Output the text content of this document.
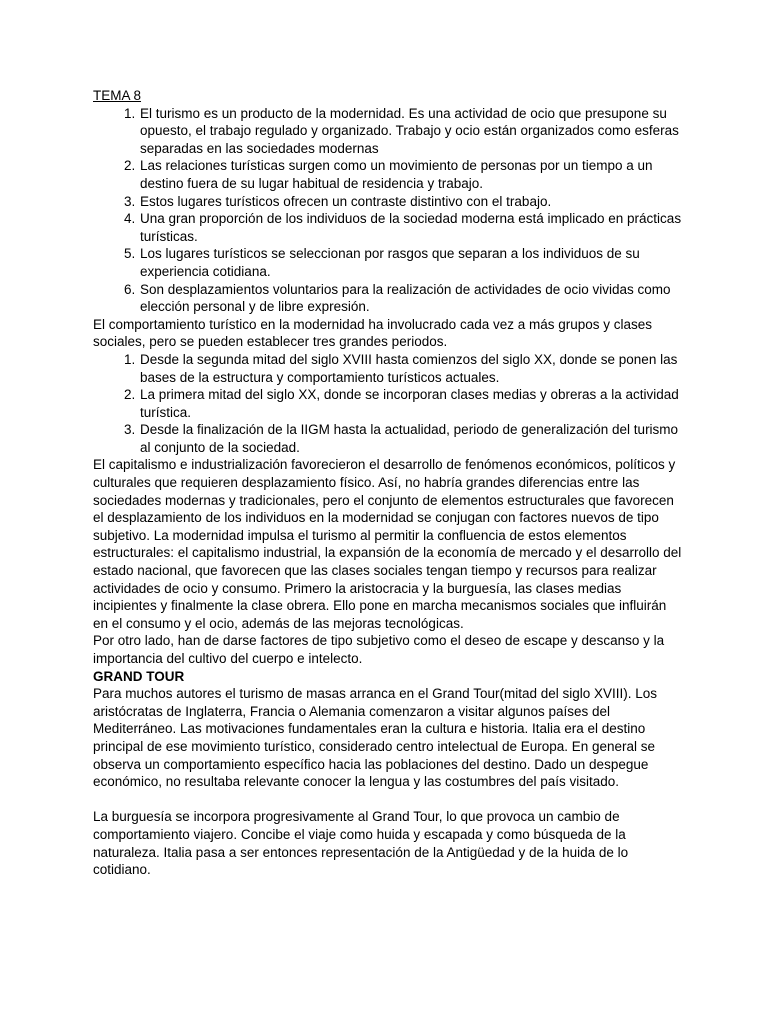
TEMA 8

1. El turismo es un producto de la modernidad. Es una actividad de ocio que presupone su opuesto, el trabajo regulado y organizado. Trabajo y ocio están organizados como esferas separadas en las sociedades modernas
2. Las relaciones turísticas surgen como un movimiento de personas por un tiempo a un destino fuera de su lugar habitual de residencia y trabajo.
3. Estos lugares turísticos ofrecen un contraste distintivo con el trabajo.
4. Una gran proporción de los individuos de la sociedad moderna está implicado en prácticas turísticas.
5. Los lugares turísticos se seleccionan por rasgos que separan a los individuos de su experiencia cotidiana.
6. Son desplazamientos voluntarios para la realización de actividades de ocio vividas como elección personal y de libre expresión.

El comportamiento turístico en la modernidad ha involucrado cada vez a más grupos y clases sociales, pero se pueden establecer tres grandes periodos.

1. Desde la segunda mitad del siglo XVIII hasta comienzos del siglo XX, donde se ponen las bases de la estructura y comportamiento turísticos actuales.
2. La primera mitad del siglo XX, donde se incorporan clases medias y obreras a la actividad turística.
3. Desde la finalización de la IIGM hasta la actualidad, periodo de generalización del turismo al conjunto de la sociedad.

El capitalismo e industrialización favorecieron el desarrollo de fenómenos económicos, políticos y culturales que requieren desplazamiento físico. Así, no habría grandes diferencias entre las sociedades modernas y tradicionales, pero el conjunto de elementos estructurales que favorecen el desplazamiento de los individuos en la modernidad se conjugan con factores nuevos de tipo subjetivo. La modernidad impulsa el turismo al permitir la confluencia de estos elementos estructurales: el capitalismo industrial, la expansión de la economía de mercado y el desarrollo del estado nacional, que favorecen que las clases sociales tengan tiempo y recursos para realizar actividades de ocio y consumo. Primero la aristocracia y la burguesía, las clases medias incipientes y finalmente la clase obrera. Ello pone en marcha mecanismos sociales que influirán en el consumo y el ocio, además de las mejoras tecnológicas.

Por otro lado, han de darse factores de tipo subjetivo como el deseo de escape y descanso y la importancia del cultivo del cuerpo e intelecto.

GRAND TOUR

Para muchos autores el turismo de masas arranca en el Grand Tour(mitad del siglo XVIII). Los aristócratas de Inglaterra, Francia o Alemania comenzaron a visitar algunos países del Mediterráneo. Las motivaciones fundamentales eran la cultura e historia. Italia era el destino principal de ese movimiento turístico, considerado centro intelectual de Europa. En general se observa un comportamiento específico hacia las poblaciones del destino. Dado un despegue económico, no resultaba relevante conocer la lengua y las costumbres del país visitado.

La burguesía se incorpora progresivamente al Grand Tour, lo que provoca un cambio de comportamiento viajero. Concibe el viaje como huida y escapada y como búsqueda de la naturaleza. Italia pasa a ser entonces representación de la Antigüedad y de la huida de lo cotidiano.
